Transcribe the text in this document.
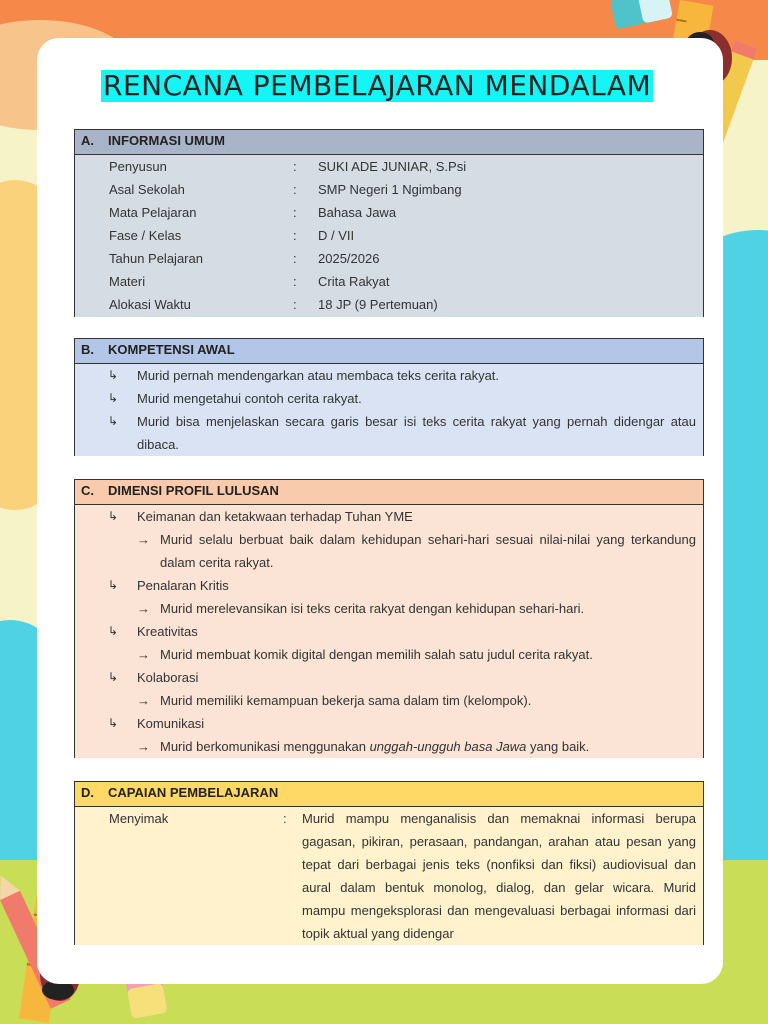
RENCANA PEMBELAJARAN MENDALAM
A. INFORMASI UMUM
Penyusun	: SUKI ADE JUNIAR, S.Psi
Asal Sekolah	: SMP Negeri 1 Ngimbang
Mata Pelajaran	: Bahasa Jawa
Fase / Kelas	: D / VII
Tahun Pelajaran	: 2025/2026
Materi	: Crita Rakyat
Alokasi Waktu	: 18 JP (9 Pertemuan)
B. KOMPETENSI AWAL
↳ Murid pernah mendengarkan atau membaca teks cerita rakyat.
↳ Murid mengetahui contoh cerita rakyat.
↳ Murid bisa menjelaskan secara garis besar isi teks cerita rakyat yang pernah didengar atau dibaca.
C. DIMENSI PROFIL LULUSAN
↳ Keimanan dan ketakwaan terhadap Tuhan YME
→ Murid selalu berbuat baik dalam kehidupan sehari-hari sesuai nilai-nilai yang terkandung dalam cerita rakyat.
↳ Penalaran Kritis
→ Murid merelevansikan isi teks cerita rakyat dengan kehidupan sehari-hari.
↳ Kreativitas
→ Murid membuat komik digital dengan memilih salah satu judul cerita rakyat.
↳ Kolaborasi
→ Murid memiliki kemampuan bekerja sama dalam tim (kelompok).
↳ Komunikasi
→ Murid berkomunikasi menggunakan unggah-ungguh basa Jawa yang baik.
D. CAPAIAN PEMBELAJARAN
Menyimak	: Murid mampu menganalisis dan memaknai informasi berupa gagasan, pikiran, perasaan, pandangan, arahan atau pesan yang tepat dari berbagai jenis teks (nonfiksi dan fiksi) audiovisual dan aural dalam bentuk monolog, dialog, dan gelar wicara. Murid mampu mengeksplorasi dan mengevaluasi berbagai informasi dari topik aktual yang didengar
